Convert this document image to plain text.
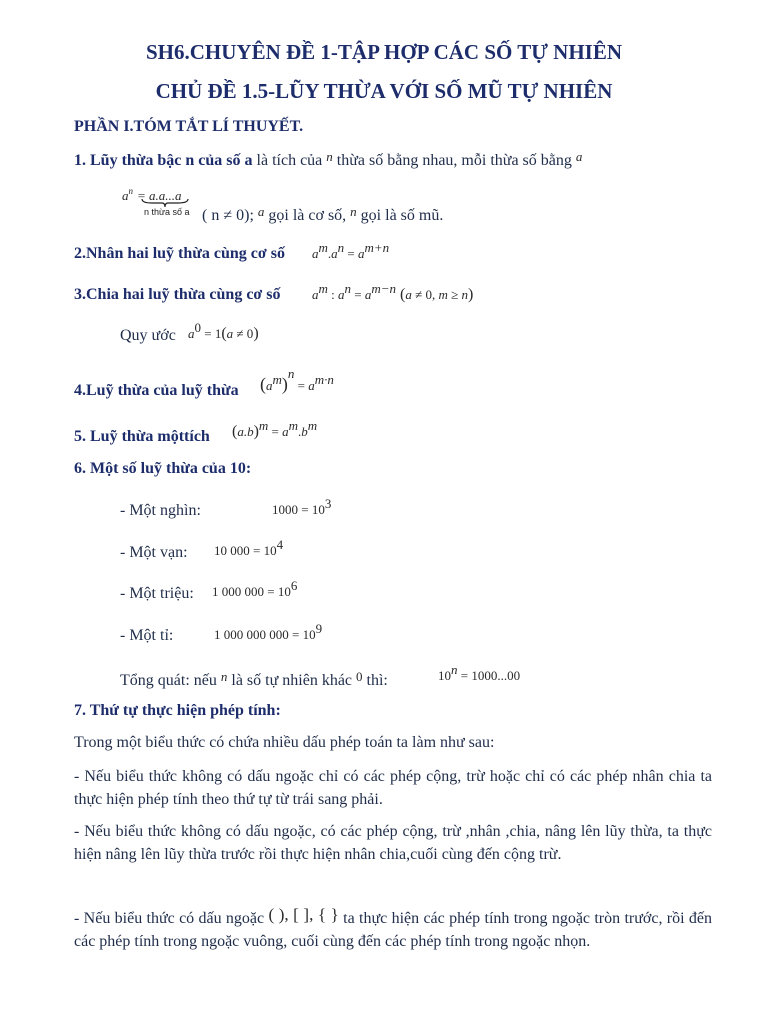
SH6.CHUYÊN ĐỀ 1-TẬP HỢP CÁC SỐ TỰ NHIÊN
CHỦ ĐỀ 1.5-LŨY THỪA VỚI SỐ MŨ TỰ NHIÊN
PHẦN I.TÓM TẮT LÍ THUYẾT.
1. Lũy thừa bậc n của số a là tích của $^n$ thừa số bằng nhau, mỗi thừa số bằng $^a$
$a^n = a.a...a$
n thừa số a ( n ≠ 0); $^a$ gọi là cơ số, $^n$ gọi là số mũ.
2.Nhân hai luỹ thừa cùng cơ số $a^m.a^n = a^{m+n}$
3.Chia hai luỹ thừa cùng cơ số $a^m$ : $a^n = a^{m-n}$ (a ≠ 0, m ≥ n)
Quy ước $a^0 = 1(a \ne 0)$
4.Luỹ thừa của luỹ thừa $(a^m)^n = a^{m\cdot n}$
5. Luỹ thừa mộttích $(a.b)^m = a^m.b^m$
6. Một số luỹ thừa của 10:
- Một nghìn:	$1000 = 10^3$
- Một vạn: 10 $000 = 10^4$
- Một triệu: 1 000 $000 = 10^6$
- Một tỉ:	1 000 000 $000 = 10^9$
Tổng quát: nếu $^n$ là số tự nhiên khác $^0$ thì:	$10^n = 1000...00$
7. Thứ tự thực hiện phép tính:
Trong một biểu thức có chứa nhiều dấu phép toán ta làm như sau:
- Nếu biểu thức không có dấu ngoặc chỉ có các phép cộng, trừ hoặc chỉ có các phép nhân chia ta thực hiện phép tính theo thứ tự từ trái sang phải.
- Nếu biểu thức không có dấu ngoặc, có các phép cộng, trừ ,nhân ,chia, nâng lên lũy thừa, ta thực hiện nâng lên lũy thừa trước rồi thực hiện nhân chia,cuối cùng đến cộng trừ.
- Nếu biểu thức có dấu ngoặc ( ), [ ], { } ta thực hiện các phép tính trong ngoặc tròn trước, rồi đến các phép tính trong ngoặc vuông, cuối cùng đến các phép tính trong ngoặc nhọn.
